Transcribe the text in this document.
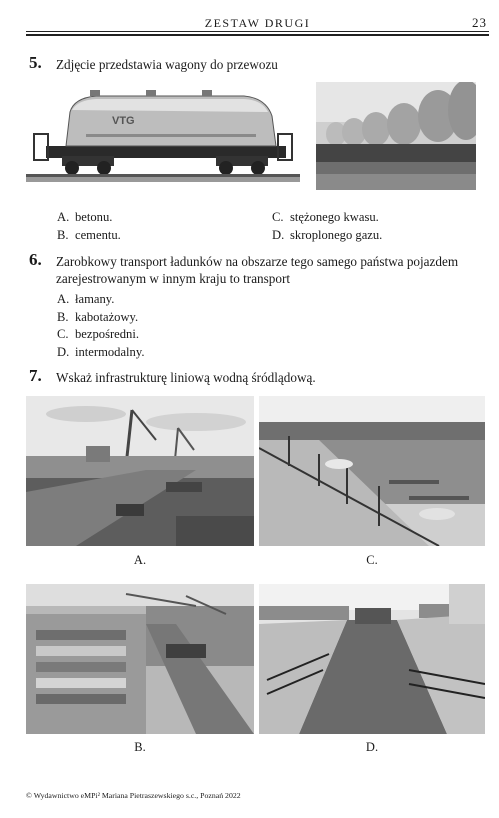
ZESTAW DRUGI	23
5. Zdjęcie przedstawia wagony do przewozu
VTG
A. betonu.
B. cementu.
C. stężonego kwasu.
D. skroplonego gazu.
6. Zarobkowy transport ładunków na obszarze tego samego państwa pojazdem
zarejestrowanym w innym kraju to transport
A. łamany.
B. kabotażowy.
C. bezpośredni.
D. intermodalny.
7. Wskaż infrastrukturę liniową wodną śródlądową.
A.	C.
B.	D.
© Wydawnictwo eMPi² Mariana Pietraszewskiego s.c., Poznań 2022
